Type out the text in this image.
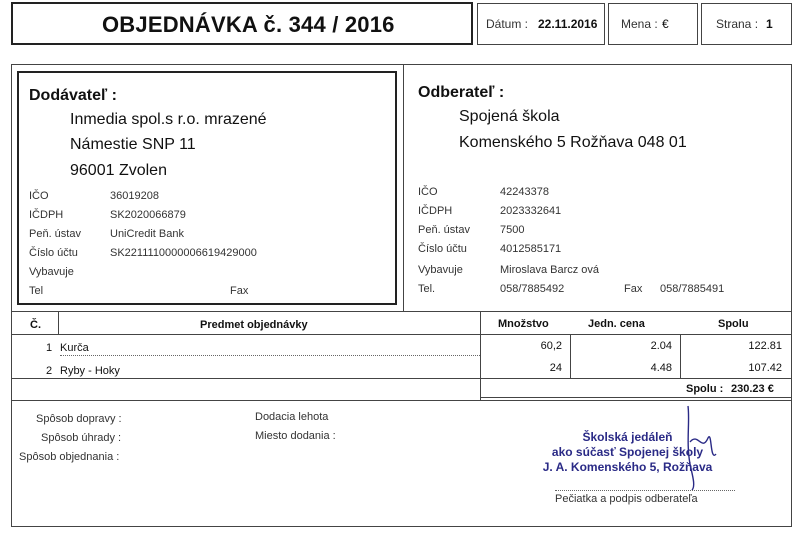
OBJEDNÁVKA č. 344 / 2016	Dátum : 22.11.2016 Mena : €	Strana : 1
Dodávateľ :
Inmedia spol.s r.o. mrazené
Námestie SNP 11
96001 Zvolen
IČO	36019208
IČDPH	SK2020066879
Peň. ústav	UniCredit Bank
Číslo účtu	SK2211110000006619429000
Vybavuje
Tel	Fax
Odberateľ :
Spojená škola
Komenského 5 Rožňava 048 01
IČO	42243378
IČDPH	2023332641
Peň. ústav	7500
Číslo účtu	4012585171
Vybavuje	Miroslava Barcz ová
Tel.	058/7885492	Fax 058/7885491
Č.	Predmet objednávky	Množstvo	Jedn. cena	Spolu
1 Kurča	60,2	2.04	122.81
2 Ryby - Hoky	24	4.48	107.42
Spolu : 230.23 €
Spôsob dopravy :
Spôsob úhrady :
Spôsob objednania :
Dodacia lehota
Miesto dodania :	Školská jedáleň
ako súčasť Spojenej školy
J. A. Komenského 5, Rožňava
Pečiatka a podpis odberateľa
